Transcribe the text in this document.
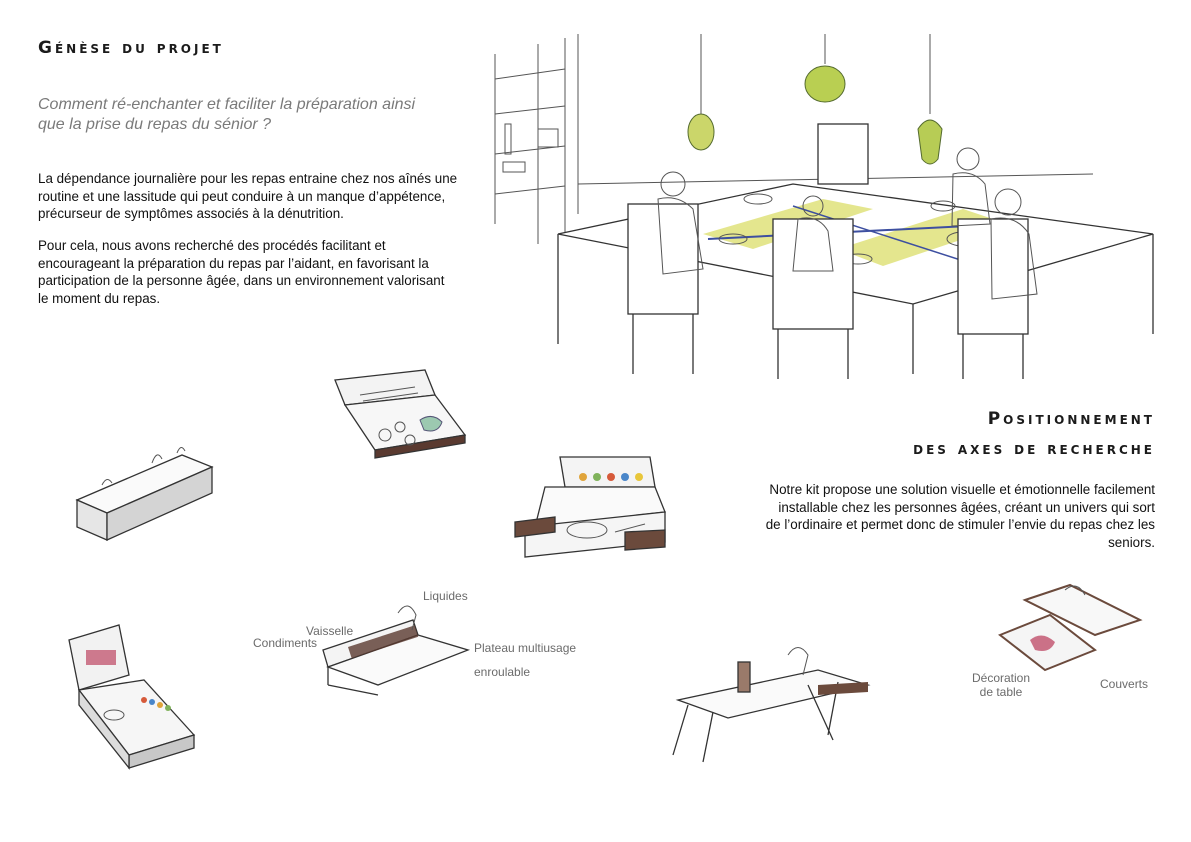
Génèse du projet
Comment ré-enchanter et faciliter la préparation ainsi
que la prise du repas du sénior ?
La dépendance journalière pour les repas entraine chez nos aînés une
routine et une lassitude qui peut conduire à un manque d’appétence,
précurseur de symptômes associés à la dénutrition.
Pour cela, nous avons recherché des procédés facilitant et
encourageant la préparation du repas par l’aidant, en favorisant la
participation de la personne âgée, dans un environnement valorisant
le moment du repas.
Positionnement
des axes de recherche
Notre kit propose une solution visuelle et émotionnelle facilement
installable chez les personnes âgées, créant un univers qui sort
de l’ordinaire et permet donc de stimuler l’envie du repas chez les
seniors.
Liquides
Vaisselle
Condiments	Plateau multiusage
enroulable	Décoration
de table
Couverts
